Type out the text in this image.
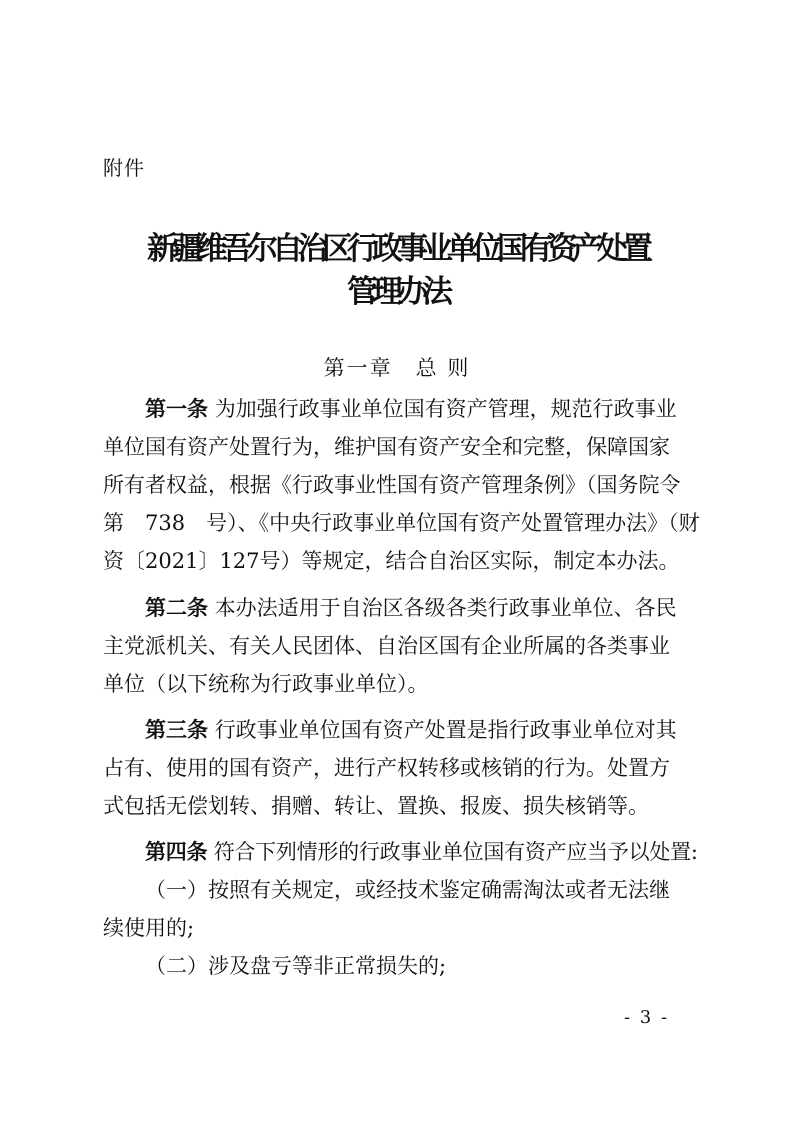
附件
新疆维吾尔自治区行政事业单位国有资产处置
管理办法
第一章　总 则
第一条 为加强行政事业单位国有资产管理，规范行政事业
单位国有资产处置行为，维护国有资产安全和完整，保障国家
所有者权益，根据《行政事业性国有资产管理条例》（国务院令
第　738　号）、《中央行政事业单位国有资产处置管理办法》（财
资〔2021〕127号）等规定，结合自治区实际，制定本办法。
第二条 本办法适用于自治区各级各类行政事业单位、各民
主党派机关、有关人民团体、自治区国有企业所属的各类事业
单位（以下统称为行政事业单位）。
第三条 行政事业单位国有资产处置是指行政事业单位对其
占有、使用的国有资产，进行产权转移或核销的行为。处置方
式包括无偿划转、捐赠、转让、置换、报废、损失核销等。
第四条 符合下列情形的行政事业单位国有资产应当予以处置:
（一）按照有关规定，或经技术鉴定确需淘汰或者无法继
续使用的;
（二）涉及盘亏等非正常损失的;
- 3 -
